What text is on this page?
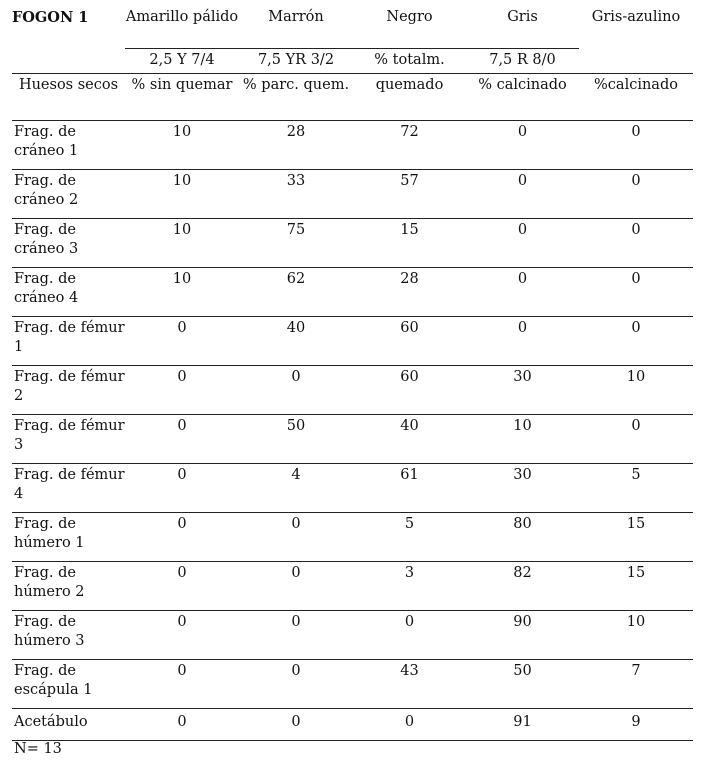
FOGON 1	Amarillo pálido	Marrón	Negro	Gris	Gris-azulino
	2,5 Y 7/4	7,5 YR 3/2	% totalm.	7,5 R 8/0	
Huesos secos	% sin quemar	% parc. quem.	quemado	% calcinado	%calcinado
Frag. de cráneo 1	10	28	72	0	0
Frag. de cráneo 2	10	33	57	0	0
Frag. de cráneo 3	10	75	15	0	0
Frag. de cráneo 4	10	62	28	0	0
Frag. de fémur 1	0	40	60	0	0
Frag. de fémur 2	0	0	60	30	10
Frag. de fémur 3	0	50	40	10	0
Frag. de fémur 4	0	4	61	30	5
Frag. de húmero 1	0	0	5	80	15
Frag. de húmero 2	0	0	3	82	15
Frag. de húmero 3	0	0	0	90	10
Frag. de escápula 1	0	0	43	50	7
Acetábulo	0	0	0	91	9
N= 13
